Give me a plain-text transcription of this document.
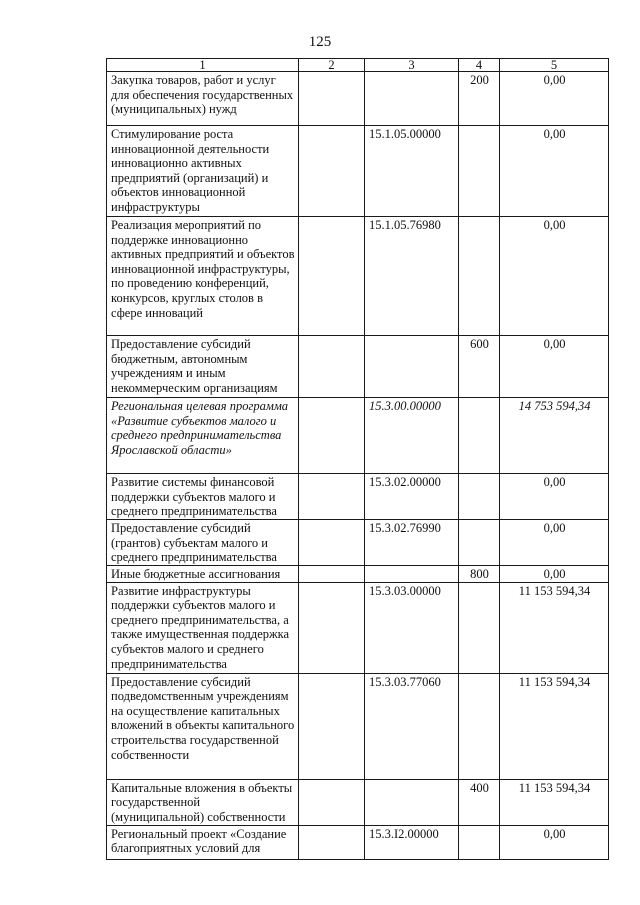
125
1	2	3	4	5
Закупка товаров, работ и услуг для обеспечения государственных (муниципальных) нужд			200	0,00
Стимулирование роста инновационной деятельности инновационно активных предприятий (организаций) и объектов инновационной инфраструктуры		15.1.05.00000		0,00
Реализация мероприятий по поддержке инновационно активных предприятий и объектов инновационной инфраструктуры, по проведению конференций, конкурсов, круглых столов в сфере инноваций		15.1.05.76980		0,00
Предоставление субсидий бюджетным, автономным учреждениям и иным некоммерческим организациям			600	0,00
Региональная целевая программа «Развитие субъектов малого и среднего предпринимательства Ярославской области»		15.3.00.00000		14 753 594,34
Развитие системы финансовой поддержки субъектов малого и среднего предпринимательства		15.3.02.00000		0,00
Предоставление субсидий (грантов) субъектам малого и среднего предпринимательства		15.3.02.76990		0,00
Иные бюджетные ассигнования			800	0,00
Развитие инфраструктуры поддержки субъектов малого и среднего предпринимательства, а также имущественная поддержка субъектов малого и среднего предпринимательства		15.3.03.00000		11 153 594,34
Предоставление субсидий подведомственным учреждениям на осуществление капитальных вложений в объекты капитального строительства государственной собственности		15.3.03.77060		11 153 594,34
Капитальные вложения в объекты государственной (муниципальной) собственности			400	11 153 594,34
Региональный проект «Создание благоприятных условий для		15.3.I2.00000		0,00
